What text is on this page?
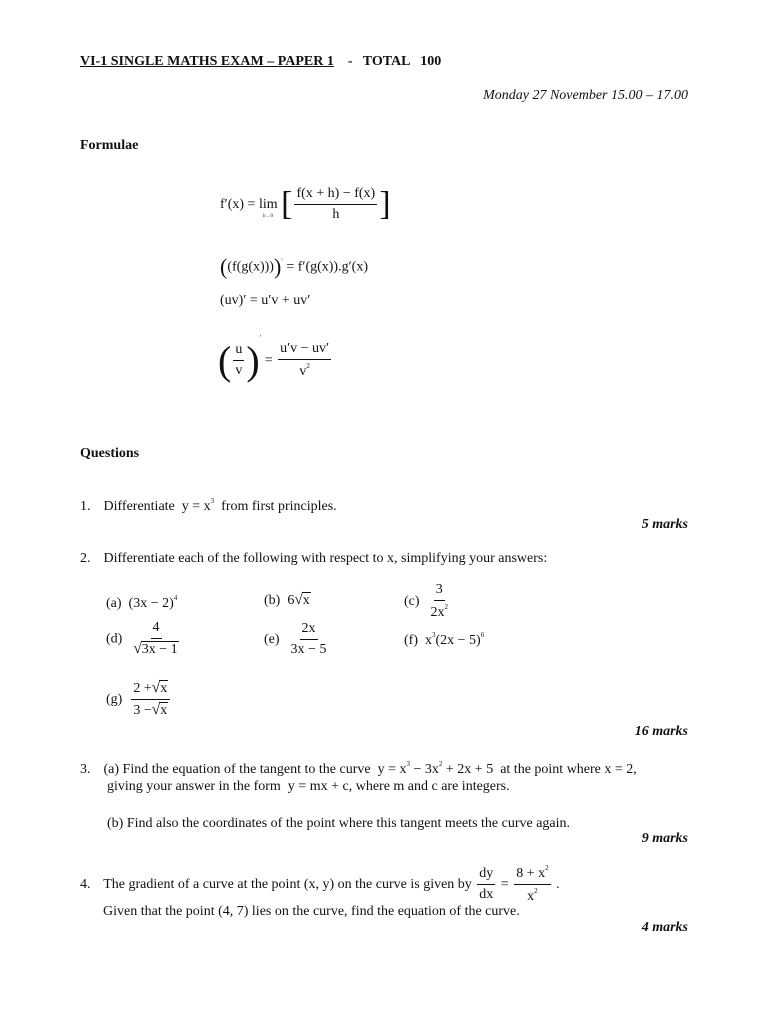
VI-1 SINGLE MATHS EXAM – PAPER 1 - TOTAL   100
Monday 27 November 15.00 – 17.00
Formulae
f′(x) = lim
h→0 [ $\frac{f(x + h) - f(x)}{h}$ ]
((f(g(x))))′ = f′(g(x)).g′(x)
(uv)′ = u′v + uv′
( $\frac{u}{v} )' = \frac{u'v - uv'}{v^2}$
Questions
1. Differentiate $y = x^3$ from first principles.
5 marks
2. Differentiate each of the following with respect to x, simplifying your answers:
(a) $(3x - 2)^4$	(b) 6 √ x	$(c) \frac{3}{2x^2}$
$(d) \frac{4}{√ 3x - 1}$	$(e) \frac{2x}{3x - 5}$	(f) $x^3(2x - 5)^6$
$(g) \frac{2 + √ x}{3 - √ x}$
16 marks
3. (a) Find the equation of the tangent to the curve $y = x^3 - 3x^2 + 2x + 5$ at the point where x = 2,
giving your answer in the form y = mx + c, where m and c are integers.
(b) Find also the coordinates of the point where this tangent meets the curve again.
9 marks
4. The gradient of a curve at the point (x, y) on the curve is given by $\frac{dy}{dx} = \frac{8 + x^2}{x^2}$ .
Given that the point (4, 7) lies on the curve, find the equation of the curve.
4 marks
